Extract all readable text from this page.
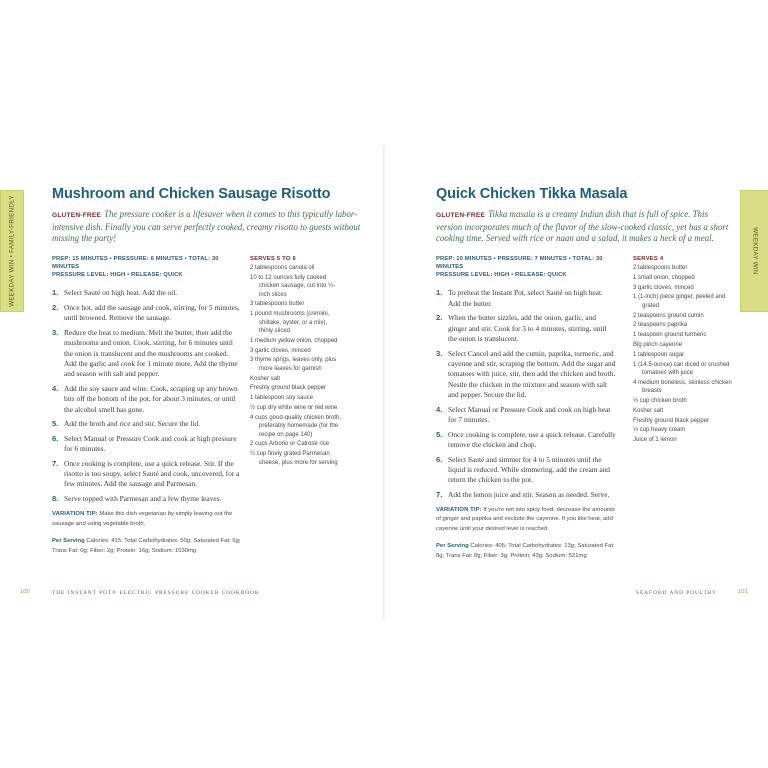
WEEKDAY WIN • FAMILY-FRIENDLY	WEEKDAY WIN
Mushroom and Chicken Sausage Risotto
GLUTEN-FREE The pressure cooker is a lifesaver when it comes to this typically labor-intensive dish. Finally you can serve perfectly cooked, creamy risotto to guests without missing the party!
PREP: 15 MINUTES • PRESSURE: 6 MINUTES • TOTAL: 30 MINUTES
PRESSURE LEVEL: HIGH • RELEASE: QUICK
1. Select Sauté on high heat. Add the oil.
2. Once hot, add the sausage and cook, stirring, for 5 minutes, until browned. Remove the sausage.
3. Reduce the heat to medium. Melt the butter, then add the mushrooms and onion. Cook, stirring, for 6 minutes until the onion is translucent and the mushrooms are cooked. Add the garlic and cook for 1 minute more. Add the thyme and season with salt and pepper.
4. Add the soy sauce and wine. Cook, scraping up any brown bits off the bottom of the pot, for about 3 minutes, or until the alcohol smell has gone.
5. Add the broth and rice and stir. Secure the lid.
6. Select Manual or Pressure Cook and cook at high pressure for 6 minutes.
7. Once cooking is complete, use a quick release. Stir. If the risotto is too soupy, select Sauté and cook, uncovered, for a few minutes. Add the sausage and Parmesan.
8. Serve topped with Parmesan and a few thyme leaves.
VARIATION TIP: Make this dish vegetarian by simply leaving out the sausage and using vegetable broth.
Per Serving Calories: 415; Total Carbohydrates: 50g; Saturated Fat: 6g; Trans Fat: 0g; Fiber: 2g; Protein: 16g; Sodium: 1030mg
SERVES 5 TO 6
2 tablespoons canola oil
10 to 12 ounces fully cooked chicken sausage, cut into ¼-inch slices
3 tablespoons butter
1 pound mushrooms (cremini, shiitake, oyster, or a mix), thinly sliced
1 medium yellow onion, chopped
3 garlic cloves, minced
3 thyme sprigs, leaves only, plus more leaves for garnish
Kosher salt
Freshly ground black pepper
1 tablespoon soy sauce
½ cup dry white wine or red wine
4 cups good-quality chicken broth, preferably homemade (for the recipe on page 140)
2 cups Arborio or Calrose rice
¼ cup finely grated Parmesan cheese, plus more for serving
Quick Chicken Tikka Masala
GLUTEN-FREE Tikka masala is a creamy Indian dish that is full of spice. This version incorporates much of the flavor of the slow-cooked classic, yet has a short cooking time. Served with rice or naan and a salad, it makes a heck of a meal.
PREP: 10 MINUTES • PRESSURE: 7 MINUTES • TOTAL: 30 MINUTES
PRESSURE LEVEL: HIGH • RELEASE: QUICK
1. To preheat the Instant Pot, select Sauté on high heat. Add the butter.
2. When the butter sizzles, add the onion, garlic, and ginger and stir. Cook for 3 to 4 minutes, stirring, until the onion is translucent.
3. Select Cancel and add the cumin, paprika, turmeric, and cayenne and stir, scraping the bottom. Add the sugar and tomatoes with juice, stir, then add the chicken and broth. Nestle the chicken in the mixture and season with salt and pepper. Secure the lid.
4. Select Manual or Pressure Cook and cook on high heat for 7 minutes.
5. Once cooking is complete, use a quick release. Carefully remove the chicken and chop.
6. Select Sauté and simmer for 4 to 5 minutes until the liquid is reduced. While simmering, add the cream and return the chicken to the pot.
7. Add the lemon juice and stir. Season as needed. Serve.
VARIATION TIP: If you're not into spicy food, decrease the amounts of ginger and paprika and exclude the cayenne. If you like heat, add cayenne until your desired level is reached.
Per Serving Calories: 405; Total Carbohydrates: 13g; Saturated Fat: 8g; Trans Fat: 0g; Fiber: 3g; Protein: 43g; Sodium: 521mg
SERVES 4
2 tablespoons butter
1 small onion, chopped
3 garlic cloves, minced
1 (1-inch) piece ginger, peeled and grated
2 teaspoons ground cumin
2 teaspoons paprika
1 teaspoon ground turmeric
Big pinch cayenne
1 tablespoon sugar
1 (14.5-ounce) can diced or crushed tomatoes with juice
4 medium boneless, skinless chicken breasts
⅓ cup chicken broth
Kosher salt
Freshly ground black pepper
⅓ cup heavy cream
Juice of 1 lemon
100	THE INSTANT POT® ELECTRIC PRESSURE COOKER COOKBOOK	SEAFOOD AND POULTRY	101
